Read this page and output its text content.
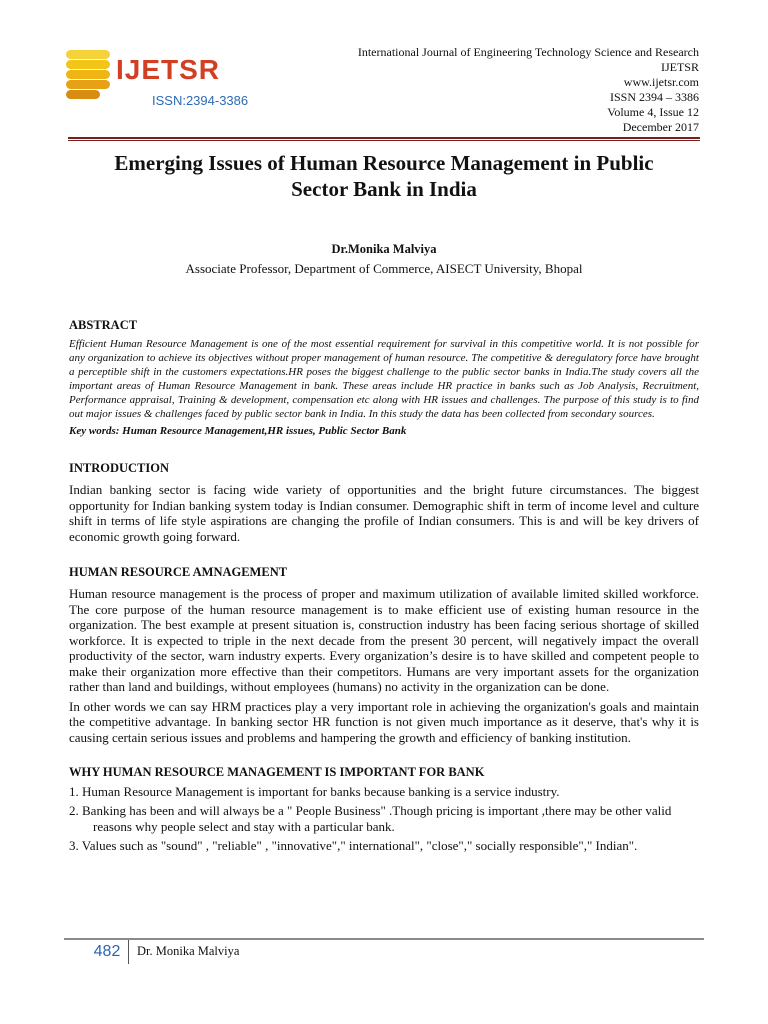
IJETSR
ISSN:2394-3386
International Journal of Engineering Technology Science and Research
IJETSR
www.ijetsr.com
ISSN 2394 – 3386
Volume 4, Issue 12
December 2017
Emerging Issues of Human Resource Management in Public
Sector Bank in India
Dr.Monika Malviya
Associate Professor, Department of Commerce, AISECT University, Bhopal
ABSTRACT

Efficient Human Resource Management is one of the most essential requirement for survival in this competitive world. It is not possible for any organization to achieve its objectives without proper management of human resource. The competitive & deregulatory force have brought a perceptible shift in the customers expectations.HR poses the biggest challenge to the public sector banks in India.The study covers all the important areas of Human Resource Management in bank. These areas include HR practice in banks such as Job Analysis, Recruitment, Performance appraisal, Training & development, compensation etc along with HR issues and challenges. The purpose of this study is to find out major issues & challenges faced by public sector bank in India. In this study the data has been collected from secondary sources.

Key words: Human Resource Management,HR issues, Public Sector Bank

INTRODUCTION

Indian banking sector is facing wide variety of opportunities and the bright future circumstances. The biggest opportunity for Indian banking system today is Indian consumer. Demographic shift in term of income level and culture shift in terms of life style aspirations are changing the profile of Indian consumers. This is and will be key drivers of economic growth going forward.

HUMAN RESOURCE AMNAGEMENT

Human resource management is the process of proper and maximum utilization of available limited skilled workforce. The core purpose of the human resource management is to make efficient use of existing human resource in the organization. The best example at present situation is, construction industry has been facing serious shortage of skilled workforce. It is expected to triple in the next decade from the present 30 percent, will negatively impact the overall productivity of the sector, warn industry experts. Every organization’s desire is to have skilled and competent people to make their organization more effective than their competitors. Humans are very important assets for the organization rather than land and buildings, without employees (humans) no activity in the organization can be done.

In other words we can say HRM practices play a very important role in achieving the organization's goals and maintain the competitive advantage. In banking sector HR function is not given much importance as it deserve, that's why it is causing certain serious issues and problems and hampering the growth and efficiency of banking institution.

WHY HUMAN RESOURCE MANAGEMENT IS IMPORTANT FOR BANK

1. Human Resource Management is important for banks because banking is a service industry.

2. Banking has been and will always be a " People Business" .Though pricing is important ,there may be other valid reasons why people select and stay with a particular bank.

3. Values such as "sound" , "reliable" , "innovative"," international", "close"," socially responsible"," Indian".

482 Dr. Monika Malviya
